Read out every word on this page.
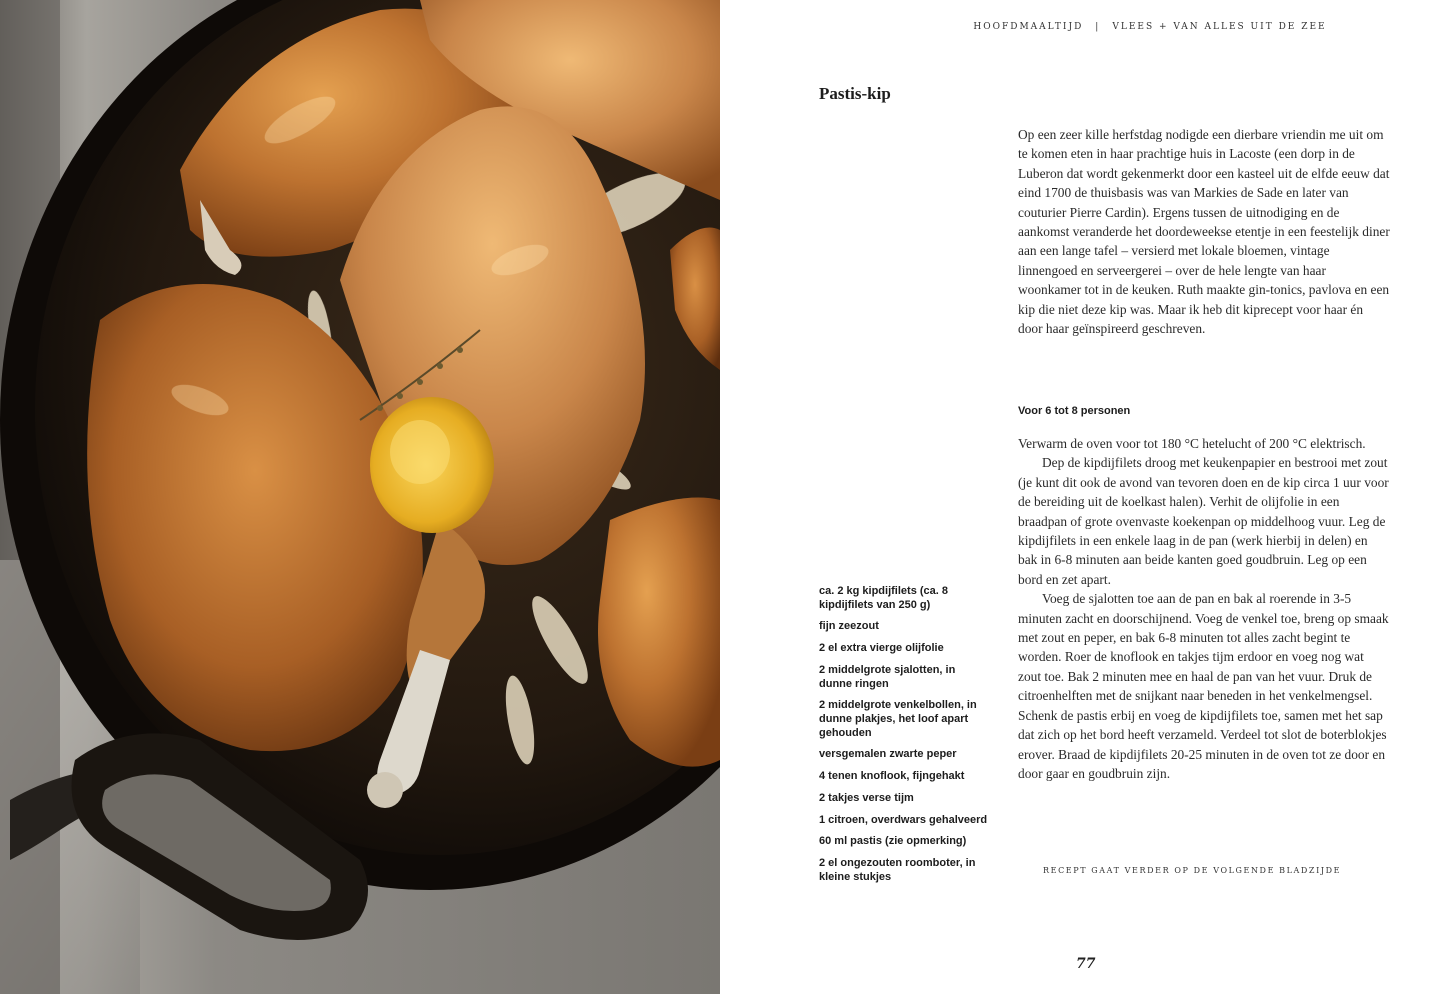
HOOFDMAALTIJD | VLEES + VAN ALLES UIT DE ZEE
Pastis-kip

Op een zeer kille herfstdag nodigde een dierbare vriendin me uit om te komen eten in haar prachtige huis in Lacoste (een dorp in de Luberon dat wordt gekenmerkt door een kasteel uit de elfde eeuw dat eind 1700 de thuisbasis was van Markies de Sade en later van couturier Pierre Cardin). Ergens tussen de uitnodiging en de aankomst veranderde het doordeweekse etentje in een feestelijk diner aan een lange tafel – versierd met lokale bloemen, vintage linnengoed en serveergerei – over de hele lengte van haar woonkamer tot in de keuken. Ruth maakte gin-tonics, pavlova en een kip die niet deze kip was. Maar ik heb dit kiprecept voor haar én door haar geïnspireerd geschreven.

Voor 6 tot 8 personen

ca. 2 kg kipdijfilets (ca. 8 kipdijfilets van 250 g)
fijn zeezout
2 el extra vierge olijfolie
2 middelgrote sjalotten, in dunne ringen
2 middelgrote venkelbollen, in dunne plakjes, het loof apart gehouden
versgemalen zwarte peper
4 tenen knoflook, fijngehakt
2 takjes verse tijm
1 citroen, overdwars gehalveerd
60 ml pastis (zie opmerking)
2 el ongezouten roomboter, in kleine stukjes

Verwarm de oven voor tot 180 °C hetelucht of 200 °C elektrisch.

Dep de kipdijfilets droog met keukenpapier en bestrooi met zout (je kunt dit ook de avond van tevoren doen en de kip circa 1 uur voor de bereiding uit de koelkast halen). Verhit de olijfolie in een braadpan of grote ovenvaste koekenpan op middelhoog vuur. Leg de kipdijfilets in een enkele laag in de pan (werk hierbij in delen) en bak in 6-8 minuten aan beide kanten goed goudbruin. Leg op een bord en zet apart.

Voeg de sjalotten toe aan de pan en bak al roerende in 3-5 minuten zacht en doorschijnend. Voeg de venkel toe, breng op smaak met zout en peper, en bak 6-8 minuten tot alles zacht begint te worden. Roer de knoflook en takjes tijm erdoor en voeg nog wat zout toe. Bak 2 minuten mee en haal de pan van het vuur. Druk de citroenhelften met de snijkant naar beneden in het venkelmengsel. Schenk de pastis erbij en voeg de kipdijfilets toe, samen met het sap dat zich op het bord heeft verzameld. Verdeel tot slot de boterblokjes erover. Braad de kipdijfilets 20-25 minuten in de oven tot ze door en door gaar en goudbruin zijn.

RECEPT GAAT VERDER OP DE VOLGENDE BLADZIJDE

77
